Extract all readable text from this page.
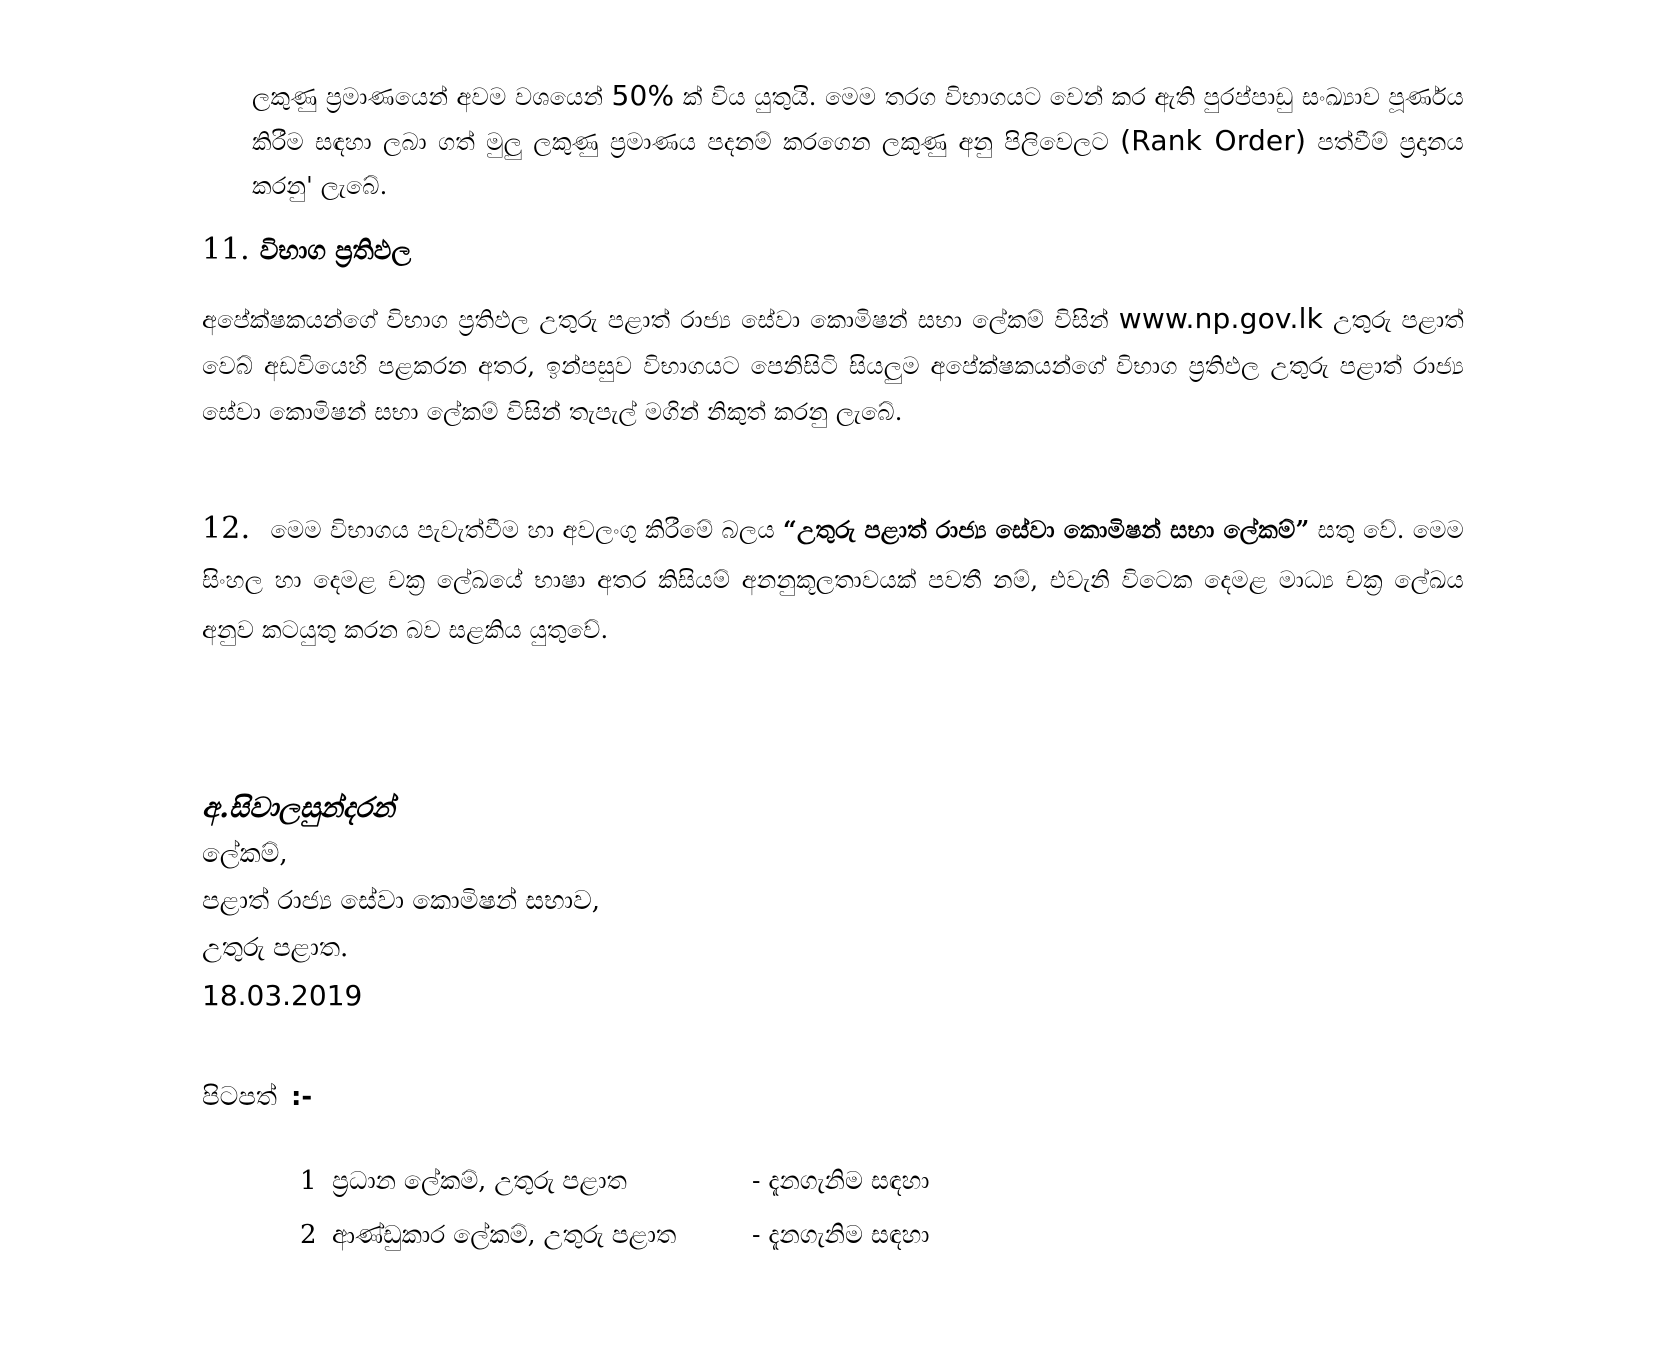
ලකුණු ප්‍රමාණයෙන් අවම වශයෙන් 50% ක් විය යුතුයි. මෙම තරග විභාගයට වෙන් කර ඇති පුරප්පාඩු සංඛ්‍යාව පූර්ණය කිරීම සඳහා ලබා ගත් මුලු ලකුණු ප්‍රමාණය පදනම් කරගෙන ලකුණු අනු පිලිවෙලට (Rank Order) පත්වීම් ප්‍රදානය කරනු' ලැබේ.

11. විභාග ප්‍රතිඵල

අපේක්ෂකයන්ගේ විභාග ප්‍රතිඵල උතුරු පළාත් රාජ්‍ය සේවා කොමිෂන් සභා ලේකම් විසින් www.np.gov.lk උතුරු පළාත් වෙබ් අඩවියෙහි පළකරන අතර, ඉන්පසුව විභාගයට පෙනිසිටි සියලුම අපේක්ෂකයන්ගේ විභාග ප්‍රතිඵල උතුරු පළාත් රාජ්‍ය සේවා කොමිෂන් සභා ලේකම් විසින් තැපැල් මගින් නිකුත් කරනු ලැබේ.

12. මෙම විභාගය පැවැත්වීම හා අවලංගු කිරීමේ බලය “උතුරු පළාත් රාජ්‍ය සේවා කොමිෂන් සභා ලේකම්” සතු වේ. මෙම සිංහල හා දෙමළ චක්‍ර ලේඛයේ භාෂා අතර කිසියම් අනනුකූලතාවයක් පවතී නම්, එවැනි විටෙක දෙමළ මාධ්‍ය චක්‍ර ලේඛය අනුව කටයුතු කරන බව සළකිය යුතුවේ.

අ.සිවාලසුන්දරන්
ලේකම්,
පළාත් රාජ්‍ය සේවා කොමිෂන් සභාව,
උතුරු පළාත.
18.03.2019
පිටපත් :-
1 ප්‍රධාන ලේකම්, උතුරු පළාත	- දැනගැනිම සඳහා
2 ආණ්ඩුකාර ලේකම්, උතුරු පළාත	- දැනගැනිම සඳහා
